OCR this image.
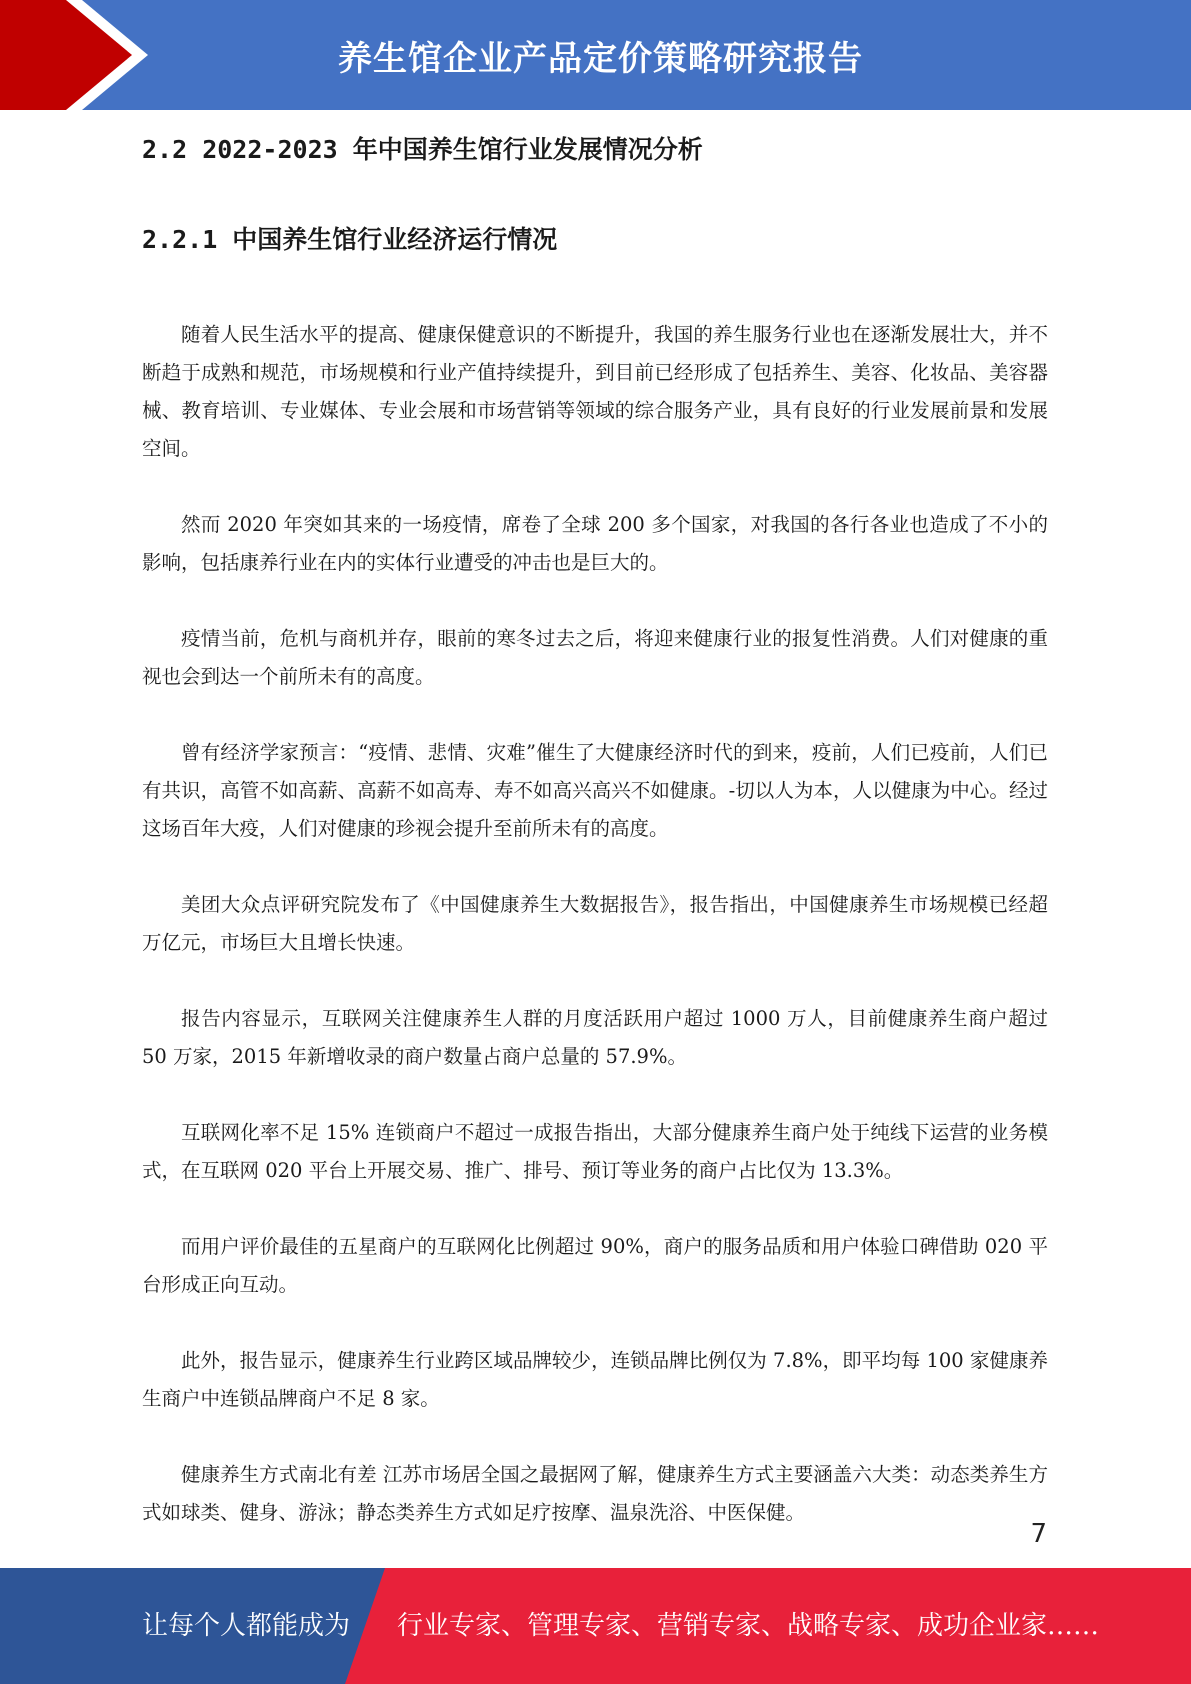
养生馆企业产品定价策略研究报告
2.2 2022-2023 年中国养生馆行业发展情况分析
2.2.1 中国养生馆行业经济运行情况

随着人民生活水平的提高、健康保健意识的不断提升，我国的养生服务行业也在逐渐发展壮大，并不断趋于成熟和规范，市场规模和行业产值持续提升，到目前已经形成了包括养生、美容、化妆品、美容器械、教育培训、专业媒体、专业会展和市场营销等领域的综合服务产业，具有良好的行业发展前景和发展空间。

然而 2020 年突如其来的一场疫情，席卷了全球 200 多个国家，对我国的各行各业也造成了不小的影响，包括康养行业在内的实体行业遭受的冲击也是巨大的。

疫情当前，危机与商机并存，眼前的寒冬过去之后，将迎来健康行业的报复性消费。人们对健康的重视也会到达一个前所未有的高度。

曾有经济学家预言：“疫情、悲情、灾难”催生了大健康经济时代的到来，疫前，人们已疫前，人们已有共识，高管不如高薪、高薪不如高寿、寿不如高兴高兴不如健康。-切以人为本，人以健康为中心。经过这场百年大疫，人们对健康的珍视会提升至前所未有的高度。

美团大众点评研究院发布了《中国健康养生大数据报告》，报告指出，中国健康养生市场规模已经超万亿元，市场巨大且增长快速。

报告内容显示，互联网关注健康养生人群的月度活跃用户超过 1000 万人，目前健康养生商户超过 50 万家，2015 年新增收录的商户数量占商户总量的 57.9%。

互联网化率不足 15% 连锁商户不超过一成报告指出，大部分健康养生商户处于纯线下运营的业务模式，在互联网 020 平台上开展交易、推广、排号、预订等业务的商户占比仅为 13.3%。

而用户评价最佳的五星商户的互联网化比例超过 90%，商户的服务品质和用户体验口碑借助 020 平台形成正向互动。

此外，报告显示，健康养生行业跨区域品牌较少，连锁品牌比例仅为 7.8%，即平均每 100 家健康养生商户中连锁品牌商户不足 8 家。

健康养生方式南北有差 江苏市场居全国之最据网了解，健康养生方式主要涵盖六大类：动态类养生方式如球类、健身、游泳；静态类养生方式如足疗按摩、温泉洗浴、中医保健。

7
让每个人都能成为 行业专家、管理专家、营销专家、战略专家、成功企业家……
